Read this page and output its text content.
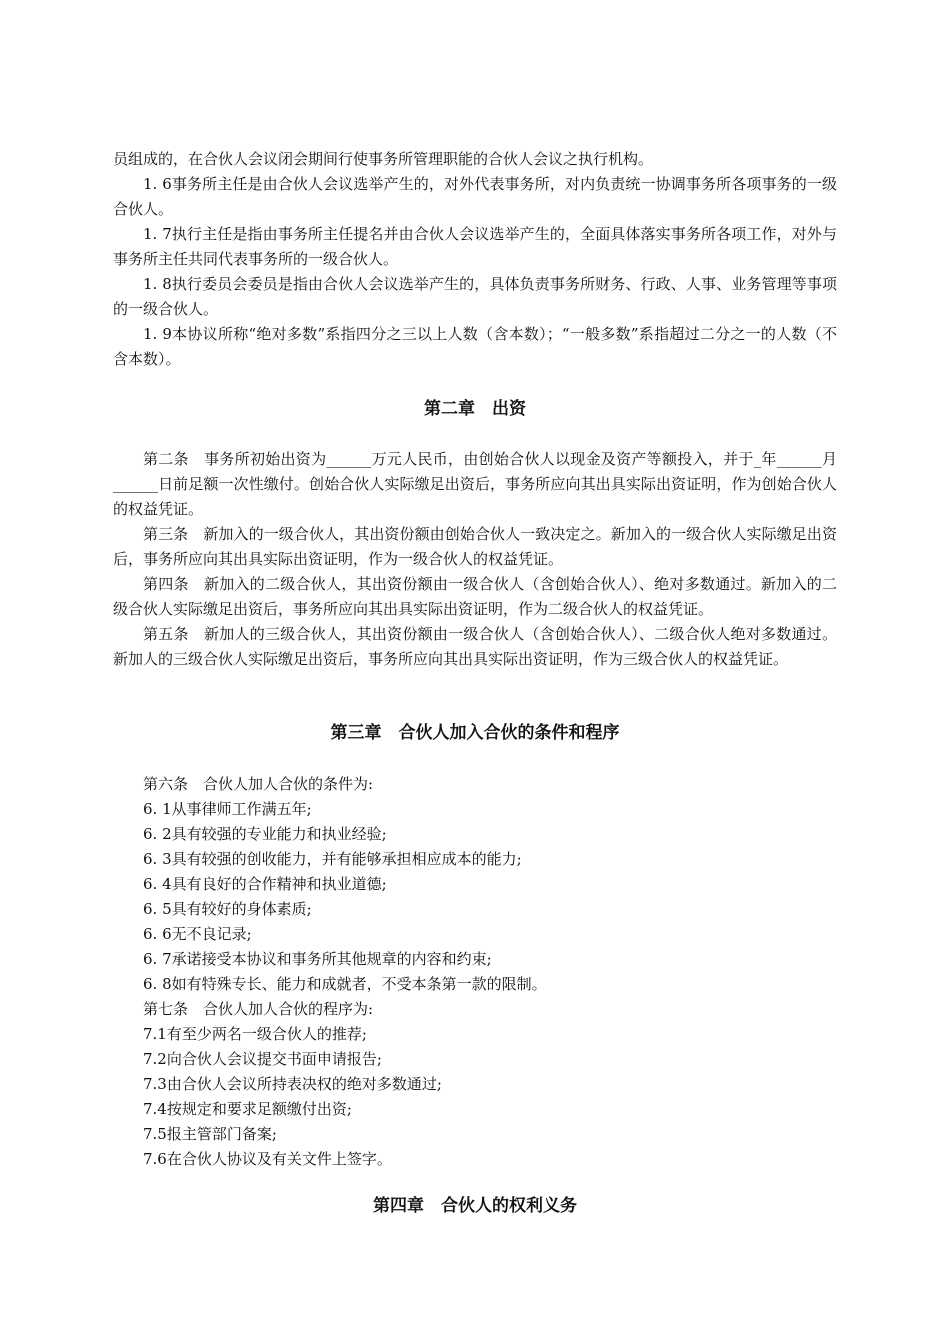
员组成的，在合伙人会议闭会期间行使事务所管理职能的合伙人会议之执行机构。

1. 6事务所主任是由合伙人会议选举产生的，对外代表事务所，对内负责统一协调事务所各项事务的一级合伙人。

1. 7执行主任是指由事务所主任提名并由合伙人会议选举产生的，全面具体落实事务所各项工作，对外与事务所主任共同代表事务所的一级合伙人。

1. 8执行委员会委员是指由合伙人会议选举产生的，具体负责事务所财务、行政、人事、业务管理等事项的一级合伙人。

1. 9本协议所称“绝对多数”系指四分之三以上人数（含本数）；“一般多数”系指超过二分之一的人数（不含本数）。

第二章　出资

第二条　事务所初始出资为______万元人民币，由创始合伙人以现金及资产等额投入，并于_年______月______日前足额一次性缴付。创始合伙人实际缴足出资后，事务所应向其出具实际出资证明，作为创始合伙人的权益凭证。

第三条　新加入的一级合伙人，其出资份额由创始合伙人一致决定之。新加入的一级合伙人实际缴足出资后，事务所应向其出具实际出资证明，作为一级合伙人的权益凭证。

第四条　新加入的二级合伙人，其出资份额由一级合伙人（含创始合伙人）、绝对多数通过。新加入的二级合伙人实际缴足出资后，事务所应向其出具实际出资证明，作为二级合伙人的权益凭证。

第五条　新加人的三级合伙人，其出资份额由一级合伙人（含创始合伙人）、二级合伙人绝对多数通过。新加人的三级合伙人实际缴足出资后，事务所应向其出具实际出资证明，作为三级合伙人的权益凭证。

第三章　合伙人加入合伙的条件和程序

第六条　合伙人加人合伙的条件为:

6. 1从事律师工作满五年;

6. 2具有较强的专业能力和执业经验;

6. 3具有较强的创收能力，并有能够承担相应成本的能力;

6. 4具有良好的合作精神和执业道德;

6. 5具有较好的身体素质;

6. 6无不良记录;

6. 7承诺接受本协议和事务所其他规章的内容和约束;

6. 8如有特殊专长、能力和成就者，不受本条第一款的限制。

第七条　合伙人加人合伙的程序为:

7.1有至少两名一级合伙人的推荐;

7.2向合伙人会议提交书面申请报告;

7.3由合伙人会议所持表决权的绝对多数通过;

7.4按规定和要求足额缴付出资;

7.5报主管部门备案;

7.6在合伙人协议及有关文件上签字。

第四章　合伙人的权利义务
